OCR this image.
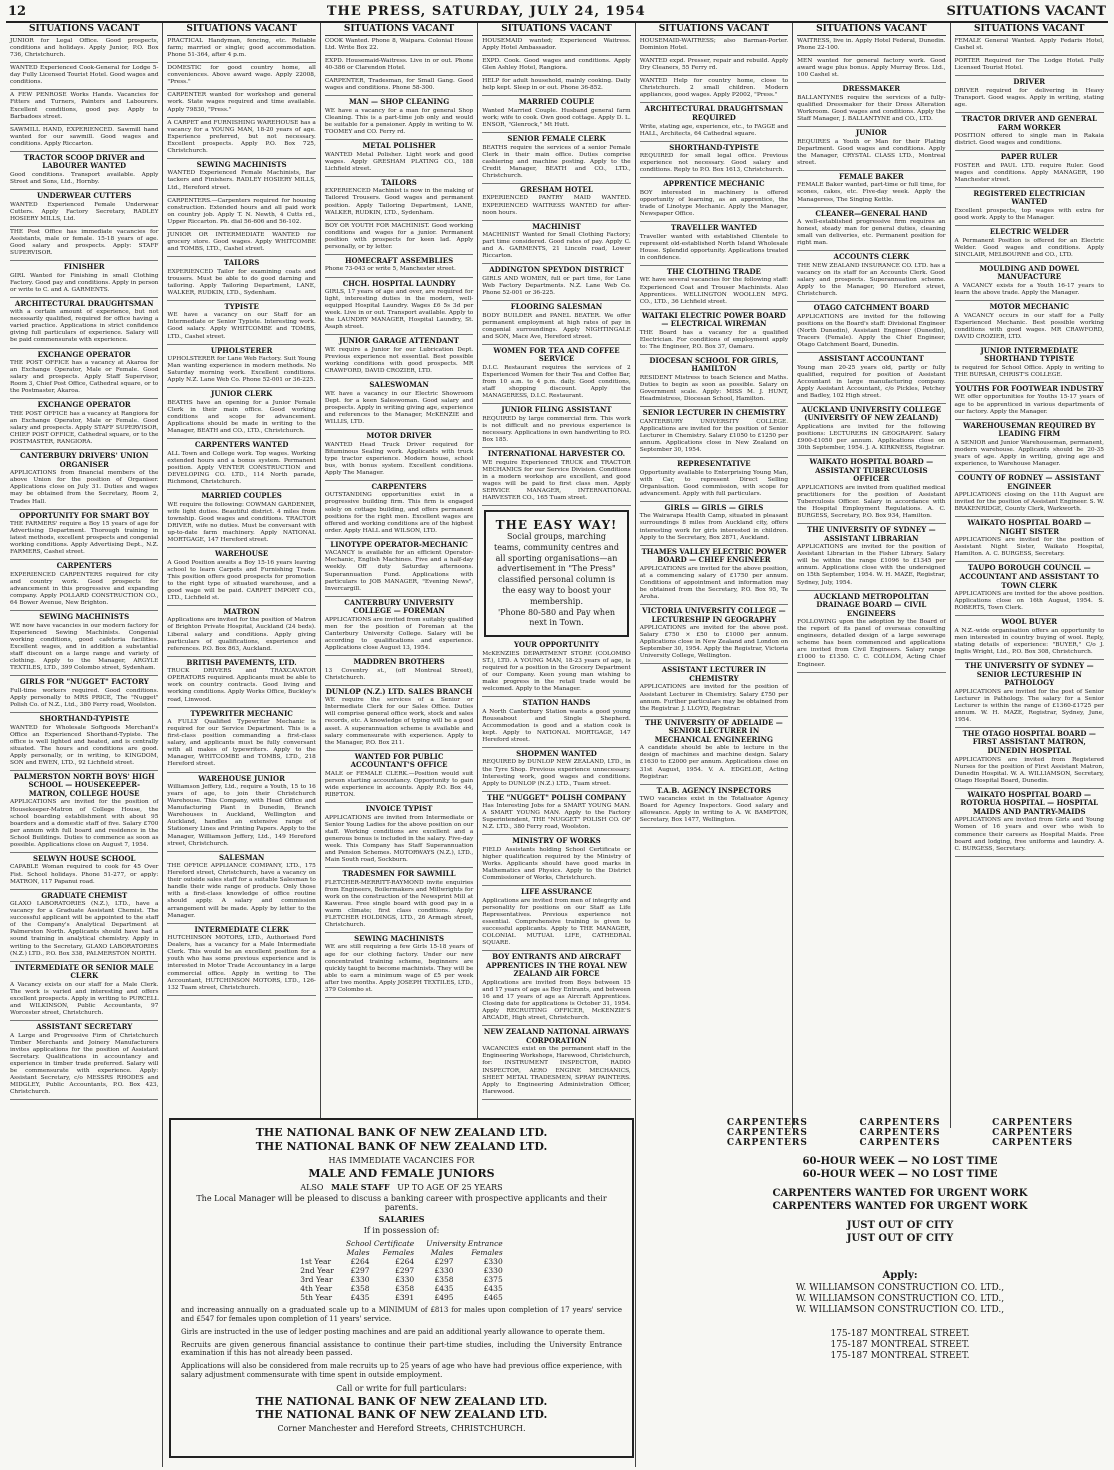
12	THE PRESS, SATURDAY, JULY 24, 1954	SITUATIONS VACANT
SITUATIONS VACANT
JUNIOR for Legal Office. Good prospects, conditions and holidays. Apply Junior, P.O. Box 736, Christchurch.
WANTED Experienced Cook-General for Lodge 5-day Fully Licensed Tourist Hotel. Good wages and conditions.
A FEW PENROSE Works Hands. Vacancies for Fitters and Turners, Painters and Labourers. Excellent conditions, good pay. Apply to Barbadoes street.
SAWMILL HAND, EXPERIENCED. Sawmill hand wanted for our sawmill. Good wages and conditions. Apply Riccarton.
TRACTOR SCOOP DRIVER and LABOURER WANTED
Good conditions. Transport available. Apply Street and Sons, Ltd., Hornby.
UNDERWEAR CUTTERS
WANTED Experienced Female Underwear Cutters. Apply Factory Secretary, RADLEY HOSIERY MILLS, Ltd.
THE Post Office has immediate vacancies for Assistants, male or female. 15-18 years of age. Good salary and prospects. Apply: STAFF SUPERVISOR.
FINISHER
GIRL Wanted for Finishing in small Clothing Factory. Good pay and conditions. Apply in person or write to C. and A. GARMENTS.
ARCHITECTURAL DRAUGHTSMAN
with a certain amount of experience, but not necessarily qualified, required for office having a varied practice. Applications in strict confidence giving full particulars of experience. Salary will be paid commensurate with experience.
EXCHANGE OPERATOR
THE POST OFFICE has a vacancy at Akaroa for an Exchange Operator, Male or Female. Good salary and prospects. Apply Staff Supervisor, Room 3, Chief Post Office, Cathedral square, or to the Postmaster, Akaroa.
EXCHANGE OPERATOR
THE POST OFFICE has a vacancy at Rangiora for an Exchange Operator, Male or Female. Good salary and prospects. Apply STAFF SUPERVISOR, CHIEF POST OFFICE, Cathedral square, or to the POSTMASTER, RANGIORA.
CANTERBURY DRIVERS' UNION ORGANISER
APPLICATIONS from financial members of the above Union for the position of Organiser. Applications close on July 31. Duties and wages may be obtained from the Secretary, Room 2, Trades Hall.
OPPORTUNITY FOR SMART BOY
THE FARMERS' require a Boy 15 years of age for Advertising Department. Thorough training in latest methods, excellent prospects and congenial working conditions. Apply Advertising Dept., N.Z. FARMERS, Cashel street.
CARPENTERS
EXPERIENCED CARPENTERS required for city and country work. Good prospects for advancement in this progressive and expanding company. Apply POLLARD CONSTRUCTION CO., 64 Bower Avenue, New Brighton.
SEWING MACHINISTS
WE now have vacancies in our modern factory for Experienced Sewing Machinists. Congenial working conditions, good cafeteria facilities. Excellent wages, and in addition a substantial staff discount on a large range and variety of clothing. Apply to the Manager, ARGYLE TEXTILES, LTD., 399 Colombo street, Sydenham.
GIRLS FOR "NUGGET" FACTORY
Full-time workers required. Good conditions. Apply personally to MRS PRICE, The "Nugget" Polish Co. of N.Z., Ltd., 380 Ferry road, Woolston.
SHORTHAND-TYPISTE
WANTED for Wholesale Softgoods Merchant's Office an Experienced Shorthand-Typiste. The office is well lighted and heated, and is centrally situated. The hours and conditions are good. Apply personally, or in writing, to KINGDOM, SON and EWEN, LTD., 92 Lichfield street.
PALMERSTON NORTH BOYS' HIGH SCHOOL — HOUSEKEEPER-MATRON, COLLEGE HOUSE
APPLICATIONS are invited for the position of Housekeeper-Matron of College House, the school boarding establishment with about 95 boarders and a domestic staff of five. Salary £700 per annum with full board and residence in the School Buildings. Duties to commence as soon as possible. Applications close on August 7, 1954.
SELWYN HOUSE SCHOOL
CAPABLE Woman required to cook for 45 Over Fist. School holidays. Phone 51-277, or apply: MATRON, 117 Papanui road.
GRADUATE CHEMIST
GLAXO LABORATORIES (N.Z.), LTD., have a vacancy for a Graduate Assistant Chemist. The successful applicant will be appointed to the staff of the Company's Analytical Department at Palmerston North. Applicants should have had a sound training in analytical chemistry. Apply in writing to the Secretary, GLAXO LABORATORIES (N.Z.) LTD., P.O. Box 338, PALMERSTON NORTH.
INTERMEDIATE OR SENIOR MALE CLERK
A Vacancy exists on our staff for a Male Clerk. The work is varied and interesting and offers excellent prospects. Apply in writing to PURCELL and WILKINSON, Public Accountants, 97 Worcester street, Christchurch.
ASSISTANT SECRETARY
A Large and Progressive Firm of Christchurch Timber Merchants and Joinery Manufacturers invites applications for the position of Assistant Secretary. Qualifications in accountancy and experience in timber trade preferred. Salary will be commensurate with experience. Apply: Assistant Secretary, c/o MESSRS RHODES and MIDGLEY, Public Accountants, P.O. Box 423, Christchurch.
SITUATIONS VACANT
PRACTICAL Handyman, fencing, etc. Reliable farm; married or single; good accommodation. Phone 51-364, after 4 p.m.
DOMESTIC for good country home, all conveniences. Above award wage. Apply 22008, "Press."
CARPENTER wanted for workshop and general work. State wages required and time available. Apply 79830, "Press."
A CARPET and FURNISHING WAREHOUSE has a vacancy for a YOUNG MAN, 18-20 years of age. Experience preferred, but not necessary. Excellent prospects. Apply P.O. Box 725, Christchurch.
SEWING MACHINISTS
WANTED Experienced Female Machinists, Bar tackers and Finishers. RADLEY HOSIERY MILLS, Ltd., Hereford street.
CARPENTERS.—Carpenters required for housing construction. Extended hours and all paid work on country job. Apply T. N. Newth, 4 Cutts rd., Upper Riccarton. Ph. dial 56-606 and 56-102.
JUNIOR OR INTERMEDIATE WANTED for grocery store. Good wages. Apply WHITCOMBE and TOMBS, LTD., Cashel street.
TAILORS
EXPERIENCED Tailor for examining coats and trousers. Must be able to do good darning and tailoring. Apply Tailoring Department, LANE, WALKER, RUDKIN, LTD., Sydenham.
TYPISTE
WE have a vacancy on our Staff for an Intermediate or Senior Typiste. Interesting work. Good salary. Apply WHITCOMBE and TOMBS, LTD., Cashel street.
UPHOLSTERER
UPHOLSTERER for Lane Web Factory. Suit Young Man wanting experience in modern methods. No Saturday morning work. Excellent conditions. Apply N.Z. Lane Web Co. Phone 52-001 or 36-225.
JUNIOR CLERK
BEATHS have an opening for a Junior Female Clerk in their main office. Good working conditions and scope for advancement. Applications should be made in writing to the Manager, BEATH and CO., LTD., Christchurch.
CARPENTERS WANTED
ALL Town and College work. Top wages. Working extended hours and a bonus system. Permanent position. Apply VENTER CONSTRUCTION and DEVELOPING CO. LTD., 114 North parade, Richmond, Christchurch.
MARRIED COUPLES
WE require the following: COWMAN GARDENER, wife light duties. Beautiful district. 4 miles from township. Good wages and conditions. TRACTOR DRIVER, wife no duties. Must be conversant with up-to-date farm machinery. Apply NATIONAL MORTGAGE, 147 Hereford street.
WAREHOUSE
A Good Position awaits a Boy 15-16 years leaving school to learn Carpets and Furnishing Trade. This position offers good prospects for promotion to the right type of situated warehouse, and a good wage will be paid. CARPET IMPORT CO., LTD., Lichfield st.
MATRON
Applications are invited for the position of Matron of Brighton Private Hospital, Auckland (24 beds). Liberal salary and conditions. Apply giving particulars of qualifications, experience and references. P.O. Box 863, Auckland.
BRITISH PAVEMENTS, LTD.
TRUCK DRIVERS and TRAXCAVATOR OPERATORS required. Applicants must be able to work on country contracts. Good living and working conditions. Apply Works Office, Buckley's road, Linwood.
TYPEWRITER MECHANIC
A FULLY Qualified Typewriter Mechanic is required for our Service Department. This is a first-class position commanding a first-class salary, and applicants must be fully conversant with all makes of typewriters. Apply to the Manager, WHITCOMBE and TOMBS, LTD., 218 Hereford street.
WAREHOUSE JUNIOR
Williamson Jeffery, Ltd., require a Youth, 15 to 16 years of age, to join their Christchurch Warehouse. This Company, with Head Office and Manufacturing Plant in Dunedin, Branch Warehouses in Auckland, Wellington and Auckland, handles an extensive range of Stationery Lines and Printing Papers. Apply to the Manager, Williamson Jeffery, Ltd., 149 Hereford street, Christchurch.
SALESMAN
THE OFFICE APPLIANCE COMPANY, LTD., 175 Hereford street, Christchurch, have a vacancy on their outside sales staff for a suitable Salesman to handle their wide range of products. Only those with a first-class knowledge of office routine should apply. A salary and commission arrangement will be made. Apply by letter to the Manager.
INTERMEDIATE CLERK
HUTCHINSON MOTORS, LTD., Authorised Ford Dealers, has a vacancy for a Male Intermediate Clerk. This would be an excellent position for a youth who has some previous experience and is interested in Motor Trade Accountancy in a large commercial office. Apply in writing to The Accountant, HUTCHINSON MOTORS, LTD., 126-132 Tuam street, Christchurch.
SITUATIONS VACANT
COOK Wanted. Phone 8, Waipara. Colonial House Ltd. Write Box 22.
EXPD. Housemaid-Waitress. Live in or out. Phone 40-386 or Clarendon Hotel.
CARPENTER, Tradesman, for Small Gang. Good wages and conditions. Phone 58-300.
MAN — SHOP CLEANING
WE have a vacancy for a man for general Shop Cleaning. This is a part-time job only and would be suitable for a pensioner. Apply in writing to W. TOOMEY and CO. Ferry rd.
METAL POLISHER
WANTED Metal Polisher. Light work and good wages. Apply GRESHAM PLATING CO., 188 Lichfield street.
TAILORS
EXPERIENCED Machinist is now in the making of Tailored Trousers. Good wages and permanent position. Apply Tailoring Department, LANE, WALKER, RUDKIN, LTD., Sydenham.
BOY OR YOUTH FOR MACHINIST. Good working conditions and wages for a junior. Permanent position with prospects for keen lad. Apply personally, or by letter.
HOMECRAFT ASSEMBLIES
Phone 73-043 or write 5, Manchester street.
CHCH. HOSPITAL LAUNDRY
GIRLS, 17 years of age and over, are required for light, interesting duties in the modern, well-equipped Hospital Laundry. Wages £6 5s 3d per week. Live in or out. Transport available. Apply to the LAUNDRY MANAGER, Hospital Laundry, St. Asaph street.
JUNIOR GARAGE ATTENDANT
WE require a Junior for our Lubrication Dept. Previous experience not essential. Best possible working conditions with good prospects. MR CRAWFORD, DAVID CROZIER, LTD.
SALESWOMAN
WE have a vacancy in our Electric Showroom Dept. for a keen Saleswoman. Good salary and prospects. Apply in writing giving age, experience and references to the Manager, McKENZIE and WILLIS, LTD.
MOTOR DRIVER
WANTED Head Truck Driver required for Bituminous Sealing work. Applicants with truck type tractor experience. Modern house, school bus, with bonus system. Excellent conditions. Apply The Manager.
CARPENTERS
OUTSTANDING opportunities exist in a progressive building firm. This firm is engaged solely on cottage building, and offers permanent positions for the right men. Excellent wages are offered and working conditions are of the highest order. Apply HALL and WILSON, LTD.
LINOTYPE OPERATOR-MECHANIC
VACANCY is available for an efficient Operator-Mechanic, English Machines. Five and a half-day weekly. Off duty Saturday afternoons. Superannuation Fund. Applications with particulars to JOB MANAGER, "Evening News", Invercargill.
CANTERBURY UNIVERSITY COLLEGE — FOREMAN
APPLICATIONS are invited from suitably qualified men for the position of Foreman at the Canterbury University College. Salary will be according to qualifications and experience. Applications close August 13, 1954.
MADDREN BROTHERS
13 Coventry st., (off Montreal Street), Christchurch.
DUNLOP (N.Z.) LTD. SALES BRANCH
WE require the services of a Senior or Intermediate Clerk for our Sales Office. Duties will comprise general office work, stock and sales records, etc. A knowledge of typing will be a good asset. A superannuation scheme is available and salary commensurate with experience. Apply to the Manager, P.O. Box 211.
WANTED FOR PUBLIC ACCOUNTANT'S OFFICE
MALE or FEMALE CLERK.—Position would suit person starting accountancy. Opportunity to gain wide experience in accounts. Apply P.O. Box 44, RIBFTON.
INVOICE TYPIST
APPLICATIONS are invited from Intermediate or Senior Young Ladies for the above position on our staff. Working conditions are excellent and a generous bonus is included in the salary. Five-day week. This Company has Staff Superannuation and Pension Schemes. MOTORWAYS (N.Z.), LTD., Main South road, Sockburn.
TRADESMEN FOR SAWMILL
FLETCHER-MERRITT-RAYMOND invite enquiries from Engineers, Boilermakers and Millwrights for work on the construction of the Newsprint Mill at Kawerau. Free single board with good pay in a warm climate; first class conditions. Apply FLETCHER HOLDINGS, LTD., 26 Armagh street, Christchurch.
SEWING MACHINISTS
WE are still requiring a few Girls 15-18 years of age for our clothing factory. Under our new concentrated training scheme, beginners are quickly taught to become machinists. They will be able to earn a minimum wage of £5 per week after two months. Apply JOSEPH TEXTILES, LTD., 379 Colombo st.
SITUATIONS VACANT
HOUSEMAID wanted; Experienced Waitress. Apply Hotel Ambassador.
EXPD. Cook. Good wages and conditions. Apply Glen Ashley Hotel, Rangiora.
HELP for adult household, mainly cooking. Daily help kept. Sleep in or out. Phone 36-852.
MARRIED COUPLE
Wanted Married Couple. Husband general farm work; wife to cook. Own good cottage. Apply D. L. ENSOR, "Glenrock," Mt Hutt.
SENIOR FEMALE CLERK
BEATHS require the services of a senior Female Clerk in their main office. Duties comprise cashiering and machine posting. Apply to the Credit Manager, BEATH and CO., LTD., Christchurch.
GRESHAM HOTEL
EXPERIENCED PANTRY MAID WANTED. EXPERIENCED WAITRESS WANTED for after-noon hours.
MACHINIST
MACHINIST Wanted for Small Clothing Factory; part time considered. Good rates of pay. Apply C. and A. GARMENTS, 21 Lincoln road, Lower Riccarton.
ADDINGTON SPEYDON DISTRICT
GIRLS AND WOMEN, full or part time, for Lane Web Factory Departments. N.Z. Lane Web Co. Phone 52-001 or 36-225.
FLOORING SALESMAN
BODY BUILDER and PANEL BEATER. We offer permanent employment at high rates of pay in congenial surroundings. Apply NIGHTINGALE and SON, Mace Ave, Hereford street.
WOMEN FOR TEA AND COFFEE SERVICE
D.I.C. Restaurant requires the services of 2 Experienced Women for their Tea and Coffee Bar, from 10 a.m. to 4 p.m. daily. Good conditions, staff shopping discount. Apply the MANAGERESS, D.I.C. Restaurant.
JUNIOR FILING ASSISTANT
REQUIRED by large commercial firm. This work is not difficult and no previous experience is necessary. Applications in own handwriting to P.O. Box 185.
INTERNATIONAL HARVESTER CO.
WE require Experienced TRUCK and TRACTOR MECHANICS for our Service Division. Conditions in a modern workshop are excellent, and good wages will be paid to first class men. Apply SERVICE MANAGER, INTERNATIONAL HARVESTER CO., 165 Tuam street.
THE EASY WAY!
Social groups, marching teams, community centres and all sporting organisations—an advertisement in "The Press" classified personal column is the easy way to boost your membership.
'Phone 80-580 and Pay when next in Town.
YOUR OPPORTUNITY
McKENZIES DEPARTMENT STORE (COLOMBO ST.), LTD. A YOUNG MAN, 18-23 years of age, is required for a position in the Grocery Department of our Company. Keen young man wishing to make progress in the retail trade would be welcomed. Apply to the Manager.
STATION HANDS
A North Canterbury Station wants a good young Rouseabout and Single Shepherd. Accommodation is good and a station cook is kept. Apply to NATIONAL MORTGAGE, 147 Hereford street.
SHOPMEN WANTED
REQUIRED by DUNLOP NEW ZEALAND, LTD., in the Tyre Shop. Previous experience unnecessary. Interesting work, good wages and conditions. Apply to DUNLOP (N.Z.) LTD., Tuam street.
THE "NUGGET" POLISH COMPANY
Has Interesting Jobs for a SMART YOUNG MAN. A SMART YOUNG MAN. Apply to the Factory Superintendent, THE "NUGGET" POLISH CO. OF N.Z. LTD., 380 Ferry road, Woolston.
MINISTRY OF WORKS
FIELD Assistants holding School Certificate or higher qualification required by the Ministry of Works. Applicants should have good marks in Mathematics and Physics. Apply to the District Commissioner of Works, Christchurch.
LIFE ASSURANCE
Applications are invited from men of integrity and personality for positions on our Staff as Life Representatives. Previous experience not essential. Comprehensive training is given to successful applicants. Apply to THE MANAGER, COLONIAL MUTUAL LIFE, CATHEDRAL SQUARE.
BOY ENTRANTS AND AIRCRAFT APPRENTICES IN THE ROYAL NEW ZEALAND AIR FORCE
Applications are invited from Boys between 15 and 17 years of age as Boy Entrants, and between 16 and 17 years of age as Aircraft Apprentices. Closing date for applications is October 31, 1954. Apply RECRUITING OFFICER, McKENZIE'S ARCADE, High street, Christchurch.
NEW ZEALAND NATIONAL AIRWAYS CORPORATION
VACANCIES exist on the permanent staff in the Engineering Workshops, Harewood, Christchurch, for: INSTRUMENT INSPECTOR, RADIO INSPECTOR, AERO ENGINE MECHANICS, SHEET METAL TRADESMEN, SPRAY PAINTERS. Apply to Engineering Administration Officer, Harewood.
SITUATIONS VACANT
HOUSEMAID-WAITRESS; also Barman-Porter. Dominion Hotel.
WANTED expd. Presser, repair and rebuild. Apply Dry Cleaners, 55 Ferry rd.
WANTED Help for country home, close to Christchurch. 2 small children. Modern appliances, good wages. Apply P2002, "Press."
ARCHITECTURAL DRAUGHTSMAN REQUIRED
Write, stating age, experience, etc., to FAGGE and HALL, Architects, 64 Cathedral square.
SHORTHAND-TYPISTE
REQUIRED for small legal office. Previous experience not necessary. Good salary and conditions. Reply to P.O. Box 1613, Christchurch.
APPRENTICE MECHANIC
BOY interested in machinery is offered opportunity of learning, as an apprentice, the trade of Linotype Mechanic. Apply the Manager, Newspaper Office.
TRAVELLER WANTED
Traveller wanted with established Clientele to represent old-established North Island Wholesale House. Splendid opportunity. Applications treated in confidence.
THE CLOTHING TRADE
WE have several vacancies for the following staff: Experienced Coat and Trouser Machinists. Also Apprentices. WELLINGTON WOOLLEN MFG. CO., LTD., 36 Lichfield street.
WAITAKI ELECTRIC POWER BOARD — ELECTRICAL WIREMAN
THE Board has a vacancy for a qualified Electrician. For conditions of employment apply to: The Engineer, P.O. Box 37, Oamaru.
DIOCESAN SCHOOL FOR GIRLS, HAMILTON
RESIDENT Mistress to teach Science and Maths. Duties to begin as soon as possible. Salary on Government scale. Apply: MISS M. J. HUNT, Headmistress, Diocesan School, Hamilton.
SENIOR LECTURER IN CHEMISTRY
CANTERBURY UNIVERSITY COLLEGE. Applications are invited for the position of Senior Lecturer in Chemistry. Salary £1050 to £1250 per annum. Applications close in New Zealand on September 30, 1954.
REPRESENTATIVE
Opportunity available to Enterprising Young Man, with Car, to represent Direct Selling Organisation. Good commission, with scope for advancement. Apply with full particulars.
GIRLS — GIRLS — GIRLS
The Wairarapa Health Camp, situated in pleasant surroundings 8 miles from Auckland city, offers interesting work for girls interested in children. Apply to the Secretary, Box 2871, Auckland.
THAMES VALLEY ELECTRIC POWER BOARD — CHIEF ENGINEER
APPLICATIONS are invited for the above position, at a commencing salary of £1750 per annum. Conditions of appointment and information may be obtained from the Secretary, P.O. Box 95, Te Aroha.
VICTORIA UNIVERSITY COLLEGE — LECTURESHIP IN GEOGRAPHY
APPLICATIONS are invited for the above post. Salary £750 × £50 to £1000 per annum. Applications close in New Zealand and London on September 30, 1954. Apply the Registrar, Victoria University College, Wellington.
ASSISTANT LECTURER IN CHEMISTRY
APPLICATIONS are invited for the position of Assistant Lecturer in Chemistry. Salary £750 per annum. Further particulars may be obtained from the Registrar. J. LLOYD, Registrar.
THE UNIVERSITY OF ADELAIDE — SENIOR LECTURER IN MECHANICAL ENGINEERING
A candidate should be able to lecture in the design of machines and machine design. Salary £1630 to £2000 per annum. Applications close on 31st August, 1954. V. A. EDGELOE, Acting Registrar.
T.A.B. AGENCY INSPECTORS
TWO vacancies exist in the Totalisator Agency Board for Agency Inspectors. Good salary and allowance. Apply in writing to A. W. BAMPTON, Secretary, Box 1477, Wellington.
SITUATIONS VACANT
WAITRESS, live in. Apply Hotel Federal, Dunedin. Phone 22-100.
MEN wanted for general factory work. Good award wage plus bonus. Apply Murray Bros. Ltd., 100 Cashel st.
DRESSMAKER
BALLANTYNES require the services of a fully-qualified Dressmaker for their Dress Alteration Workroom. Good wages and conditions. Apply the Staff Manager, J. BALLANTYNE and CO., LTD.
JUNIOR
REQUIRES a Youth or Man for their Plating Department. Good wages and conditions. Apply the Manager, CRYSTAL CLASS LTD., Montreal street.
FEMALE BAKER
FEMALE Baker wanted, part-time or full time, for scones, cakes, etc. Five-day week. Apply the Manageress, The Singing Kettle.
CLEANER—GENERAL HAND
A well-established progressive firm requires an honest, steady man for general duties, cleaning small van deliveries, etc. Permanent position for right man.
ACCOUNTS CLERK
THE NEW ZEALAND INSURANCE CO. LTD. has a vacancy on its staff for an Accounts Clerk. Good salary and prospects. Superannuation scheme. Apply to the Manager, 90 Hereford street, Christchurch.
OTAGO CATCHMENT BOARD
APPLICATIONS are invited for the following positions on the Board's staff: Divisional Engineer (North Dunedin), Assistant Engineer (Dunedin), Tracers (Female). Apply the Chief Engineer, Otago Catchment Board, Dunedin.
ASSISTANT ACCOUNTANT
Young man 20-25 years old, partly or fully qualified, required for position of Assistant Accountant in large manufacturing company. Apply Assistant Accountant, c/o Pickles, Petchey and Badley, 102 High street.
AUCKLAND UNIVERSITY COLLEGE (UNIVERSITY OF NEW ZEALAND)
Applications are invited for the following positions: LECTURERS IN GEOGRAPHY. Salary £900-£1050 per annum. Applications close on 30th September, 1954. J. A. KIRKNESS, Registrar.
WAIKATO HOSPITAL BOARD — ASSISTANT TUBERCULOSIS OFFICER
APPLICATIONS are invited from qualified medical practitioners for the position of Assistant Tuberculosis Officer. Salary in accordance with the Hospital Employment Regulations. A. C. BURGESS, Secretary, P.O. Box 934, Hamilton.
THE UNIVERSITY OF SYDNEY — ASSISTANT LIBRARIAN
APPLICATIONS are invited for the position of Assistant Librarian in the Fisher Library. Salary will be within the range £1096 to £1345 per annum. Applications close with the undersigned on 15th September, 1954. W. H. MAZE, Registrar, Sydney, July, 1954.
AUCKLAND METROPOLITAN DRAINAGE BOARD — CIVIL ENGINEERS
FOLLOWING upon the adoption by the Board of the report of its panel of overseas consulting engineers, detailed design of a large sewerage scheme has been commenced and applications are invited from Civil Engineers. Salary range £1000 to £1350. C. C. COLLOM, Acting Chief Engineer.
SITUATIONS VACANT
FEMALE General Wanted. Apply Fedaris Hotel, Cashel st.
PORTER Required for The Lodge Hotel. Fully Licensed Tourist Hotel.
DRIVER
DRIVER required for delivering in Heavy Transport. Good wages. Apply in writing, stating age.
TRACTOR DRIVER AND GENERAL FARM WORKER
POSITION offered to single man in Rakaia district. Good wages and conditions.
PAPER RULER
FOSTER and PAUL LTD. require Ruler. Good wages and conditions. Apply MANAGER, 190 Manchester street.
REGISTERED ELECTRICIAN WANTED
Excellent prospects, top wages with extra for good work. Apply to the Manager.
ELECTRIC WELDER
A Permanent Position is offered for an Electric Welder. Good wages and conditions. Apply SINCLAIR, MELBOURNE and CO., LTD.
MOULDING AND DOWEL MANUFACTURE
A VACANCY exists for a Youth 16-17 years to learn the above trade. Apply the Manager.
MOTOR MECHANIC
A VACANCY occurs in our staff for a Fully Experienced Mechanic. Best possible working conditions with good wages. MR CRAWFORD, DAVID CROZIER, LTD.
JUNIOR INTERMEDIATE SHORTHAND TYPISTE
is required for School Office. Apply in writing to THE BURSAR, CHRIST'S COLLEGE.
YOUTHS FOR FOOTWEAR INDUSTRY
WE offer opportunities for Youths 15-17 years of age to be apprenticed in various departments of our factory. Apply the Manager.
WAREHOUSEMAN REQUIRED BY LEADING FIRM
A SENIOR and Junior Warehouseman, permanent, modern warehouse. Applicants should be 20-35 years of age. Apply in writing, giving age and experience, to Warehouse Manager.
COUNTY OF RODNEY — ASSISTANT ENGINEER
APPLICATIONS closing on the 11th August are invited for the position of Assistant Engineer. S. W. BRAKENRIDGE, County Clerk, Warkworth.
WAIKATO HOSPITAL BOARD — NIGHT SISTER
APPLICATIONS are invited for the position of Assistant Night Sister, Waikato Hospital, Hamilton. A. C. BURGESS, Secretary.
TAUPO BOROUGH COUNCIL — ACCOUNTANT AND ASSISTANT TO TOWN CLERK
APPLICATIONS are invited for the above position. Applications close on 16th August, 1954. S. ROBERTS, Town Clerk.
WOOL BUYER
A N.Z.-wide organisation offers an opportunity to men interested in country buying of wool. Reply, stating details of experience: "BUYER," C/o J. Inglis Wright, Ltd., P.O. Box 308, Christchurch.
THE UNIVERSITY OF SYDNEY — SENIOR LECTURESHIP IN PATHOLOGY
APPLICATIONS are invited for the post of Senior Lecturer in Pathology. The salary for a Senior Lecturer is within the range of £1360-£1725 per annum. W. H. MAZE, Registrar, Sydney, June, 1954.
THE OTAGO HOSPITAL BOARD — FIRST ASSISTANT MATRON, DUNEDIN HOSPITAL
APPLICATIONS are invited from Registered Nurses for the position of First Assistant Matron, Dunedin Hospital. W. A. WILLIAMSON, Secretary, Otago Hospital Board, Dunedin.
WAIKATO HOSPITAL BOARD — ROTORUA HOSPITAL — HOSPITAL MAIDS AND PANTRY-MAIDS
APPLICATIONS are invited from Girls and Young Women of 16 years and over who wish to commence their careers as Hospital Maids. Free board and lodging, free uniforms and laundry. A. C. BURGESS, Secretary.
THE NATIONAL BANK OF NEW ZEALAND LTD.
THE NATIONAL BANK OF NEW ZEALAND LTD.
HAS IMMEDIATE VACANCIES FOR
MALE AND FEMALE JUNIORS
ALSO MALE STAFF UP TO AGE OF 25 YEARS
The Local Manager will be pleased to discuss a banking career with prospective applicants and their parents.
SALARIES
If in possession of:
	School Certificate		University Entrance	
	Males	Females	Males	Females
1st Year	£264	£264	£297	£330
2nd Year	£297	£297	£330	£330
3rd Year	£330	£330	£358	£375
4th Year	£358	£358	£435	£435
5th Year	£435	£391	£495	£465
and increasing annually on a graduated scale up to a MINIMUM of £813 for males upon completion of 17 years' service and £547 for females upon completion of 11 years' service.
Girls are instructed in the use of ledger posting machines and are paid an additional yearly allowance to operate them.
Recruits are given generous financial assistance to continue their part-time studies, including the University Entrance examination if this has not already been passed.
Applications will also be considered from male recruits up to 25 years of age who have had previous office experience, with salary adjustment commensurate with time spent in outside employment.
Call or write for full particulars:
THE NATIONAL BANK OF NEW ZEALAND LTD.
THE NATIONAL BANK OF NEW ZEALAND LTD.
Corner Manchester and Hereford Streets, CHRISTCHURCH.
CARPENTERS	CARPENTERS	CARPENTERS
CARPENTERS	CARPENTERS	CARPENTERS
CARPENTERS	CARPENTERS	CARPENTERS
60-HOUR WEEK — NO LOST TIME
60-HOUR WEEK — NO LOST TIME
CARPENTERS WANTED FOR URGENT WORK
CARPENTERS WANTED FOR URGENT WORK
JUST OUT OF CITY
JUST OUT OF CITY
Apply:
W. WILLIAMSON CONSTRUCTION CO. LTD.,
W. WILLIAMSON CONSTRUCTION CO. LTD.,
W. WILLIAMSON CONSTRUCTION CO. LTD.,
175-187 MONTREAL STREET.
175-187 MONTREAL STREET.
175-187 MONTREAL STREET.
